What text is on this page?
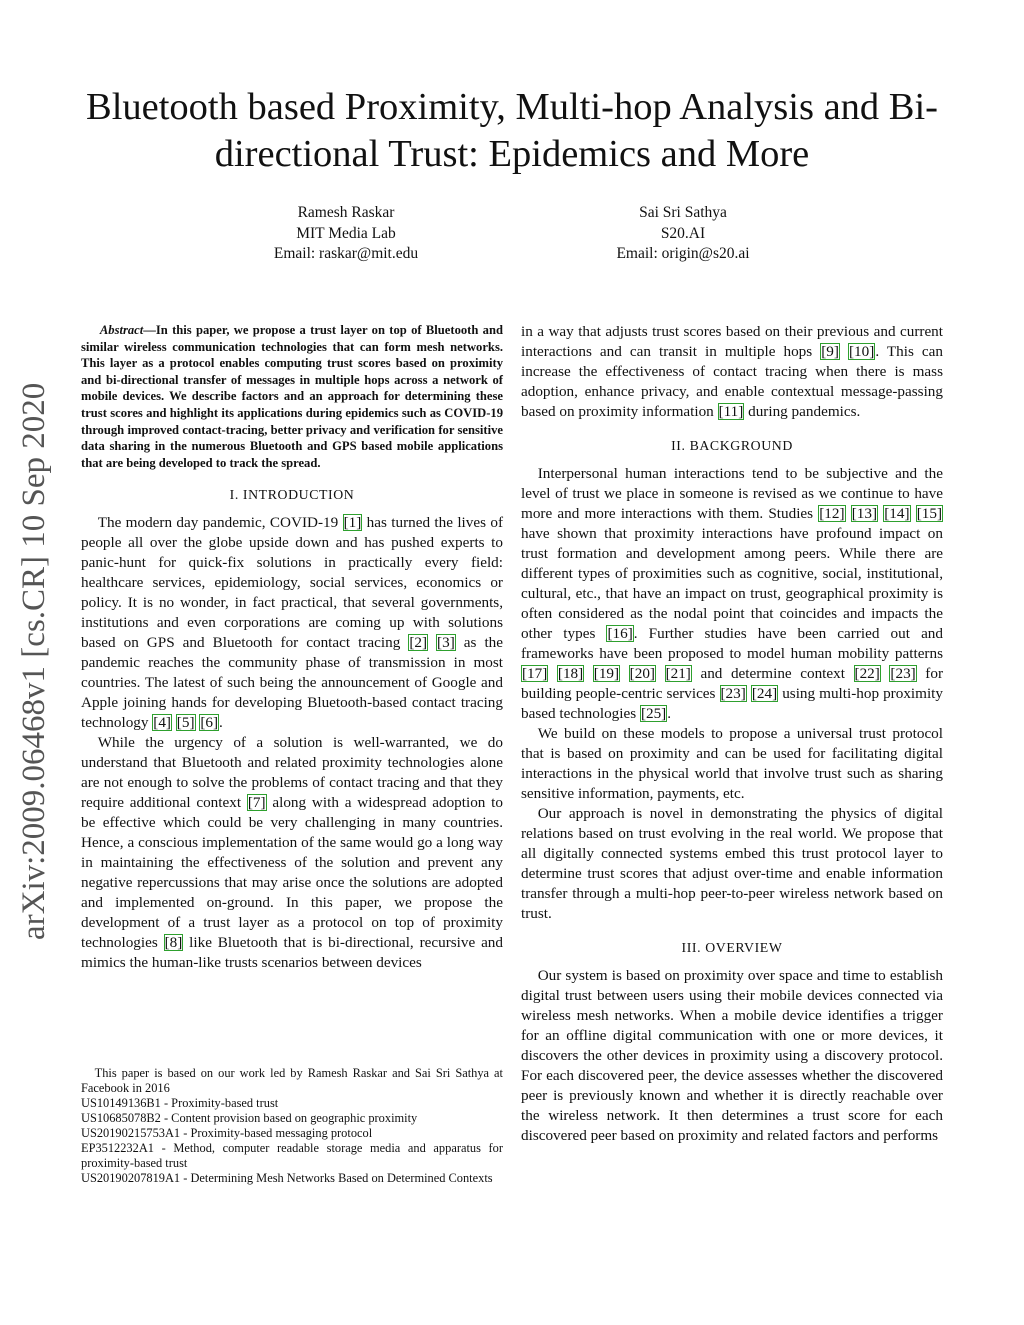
arXiv:2009.06468v1 [cs.CR] 10 Sep 2020
Bluetooth based Proximity, Multi-hop Analysis and Bi-directional Trust: Epidemics and More
Ramesh Raskar
MIT Media Lab
Email: raskar@mit.edu
Sai Sri Sathya
S20.AI
Email: origin@s20.ai

Abstract—In this paper, we propose a trust layer on top of Bluetooth and similar wireless communication technologies that can form mesh networks. This layer as a protocol enables computing trust scores based on proximity and bi-directional transfer of messages in multiple hops across a network of mobile devices. We describe factors and an approach for determining these trust scores and highlight its applications during epidemics such as COVID-19 through improved contact-tracing, better privacy and verification for sensitive data sharing in the numerous Bluetooth and GPS based mobile applications that are being developed to track the spread.

I. INTRODUCTION

The modern day pandemic, COVID-19 [1] has turned the lives of people all over the globe upside down and has pushed experts to panic-hunt for quick-fix solutions in practically every field: healthcare services, epidemiology, social services, economics or policy. It is no wonder, in fact practical, that several governments, institutions and even corporations are coming up with solutions based on GPS and Bluetooth for contact tracing [2] [3] as the pandemic reaches the community phase of transmission in most countries. The latest of such being the announcement of Google and Apple joining hands for developing Bluetooth-based contact tracing technology [4] [5] [6].

While the urgency of a solution is well-warranted, we do understand that Bluetooth and related proximity technologies alone are not enough to solve the problems of contact tracing and that they require additional context [7] along with a widespread adoption to be effective which could be very challenging in many countries. Hence, a conscious implementation of the same would go a long way in maintaining the effectiveness of the solution and prevent any negative repercussions that may arise once the solutions are adopted and implemented on-ground. In this paper, we propose the development of a trust layer as a protocol on top of proximity technologies [8] like Bluetooth that is bi-directional, recursive and mimics the human-like trusts scenarios between devices

This paper is based on our work led by Ramesh Raskar and Sai Sri Sathya at Facebook in 2016

US10149136B1 - Proximity-based trust

US10685078B2 - Content provision based on geographic proximity

US20190215753A1 - Proximity-based messaging protocol

EP3512232A1 - Method, computer readable storage media and apparatus for proximity-based trust

US20190207819A1 - Determining Mesh Networks Based on Determined Contexts

in a way that adjusts trust scores based on their previous and current interactions and can transit in multiple hops [9] [10]. This can increase the effectiveness of contact tracing when there is mass adoption, enhance privacy, and enable contextual message-passing based on proximity information [11] during pandemics.

II. BACKGROUND

Interpersonal human interactions tend to be subjective and the level of trust we place in someone is revised as we continue to have more and more interactions with them. Studies [12] [13] [14] [15] have shown that proximity interactions have profound impact on trust formation and development among peers. While there are different types of proximities such as cognitive, social, institutional, cultural, etc., that have an impact on trust, geographical proximity is often considered as the nodal point that coincides and impacts the other types [16]. Further studies have been carried out and frameworks have been proposed to model human mobility patterns [17] [18] [19] [20] [21] and determine context [22] [23] for building people-centric services [23] [24] using multi-hop proximity based technologies [25].

We build on these models to propose a universal trust protocol that is based on proximity and can be used for facilitating digital interactions in the physical world that involve trust such as sharing sensitive information, payments, etc.

Our approach is novel in demonstrating the physics of digital relations based on trust evolving in the real world. We propose that all digitally connected systems embed this trust protocol layer to determine trust scores that adjust over-time and enable information transfer through a multi-hop peer-to-peer wireless network based on trust.

III. OVERVIEW

Our system is based on proximity over space and time to establish digital trust between users using their mobile devices connected via wireless mesh networks. When a mobile device identifies a trigger for an offline digital communication with one or more devices, it discovers the other devices in proximity using a discovery protocol. For each discovered peer, the device assesses whether the discovered peer is previously known and whether it is directly reachable over the wireless network. It then determines a trust score for each discovered peer based on proximity and related factors and performs
